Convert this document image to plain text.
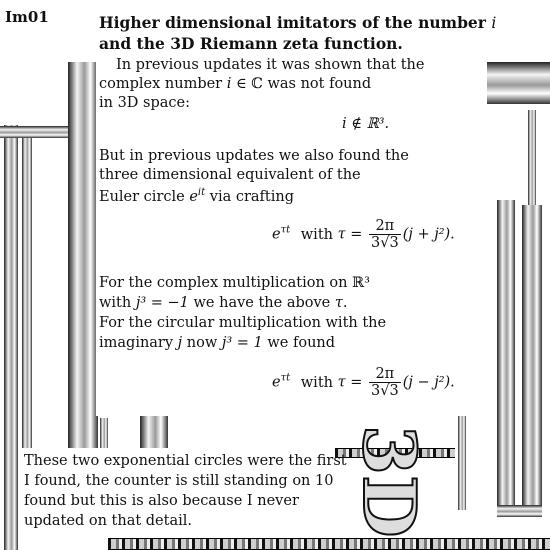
3D
Im01	Higher dimensional imitators of the number i
and the 3D Riemann zeta function.
In previous updates it was shown that the
complex number i ∈ ℂ was not found
in 3D space:
i ∉ ℝ³.
But in previous updates we also found the
three dimensional equivalent of the
Euler circle $e^{it}$ via crafting
$e^{\tau t}$ with $\tau = \frac{2\pi}{3√3} (j + j^2)$.
For the complex multiplication on ℝ³
with j³ = −1 we have the above τ.
For the circular multiplication with the
imaginary j now j³ = 1 we found
$e^{\tau t}$ with $\tau = \frac{2\pi}{3√3} (j - j^2)$.
These two exponential circles were the first
I found, the counter is still standing on 10
found but this is also because I never
updated on that detail.
